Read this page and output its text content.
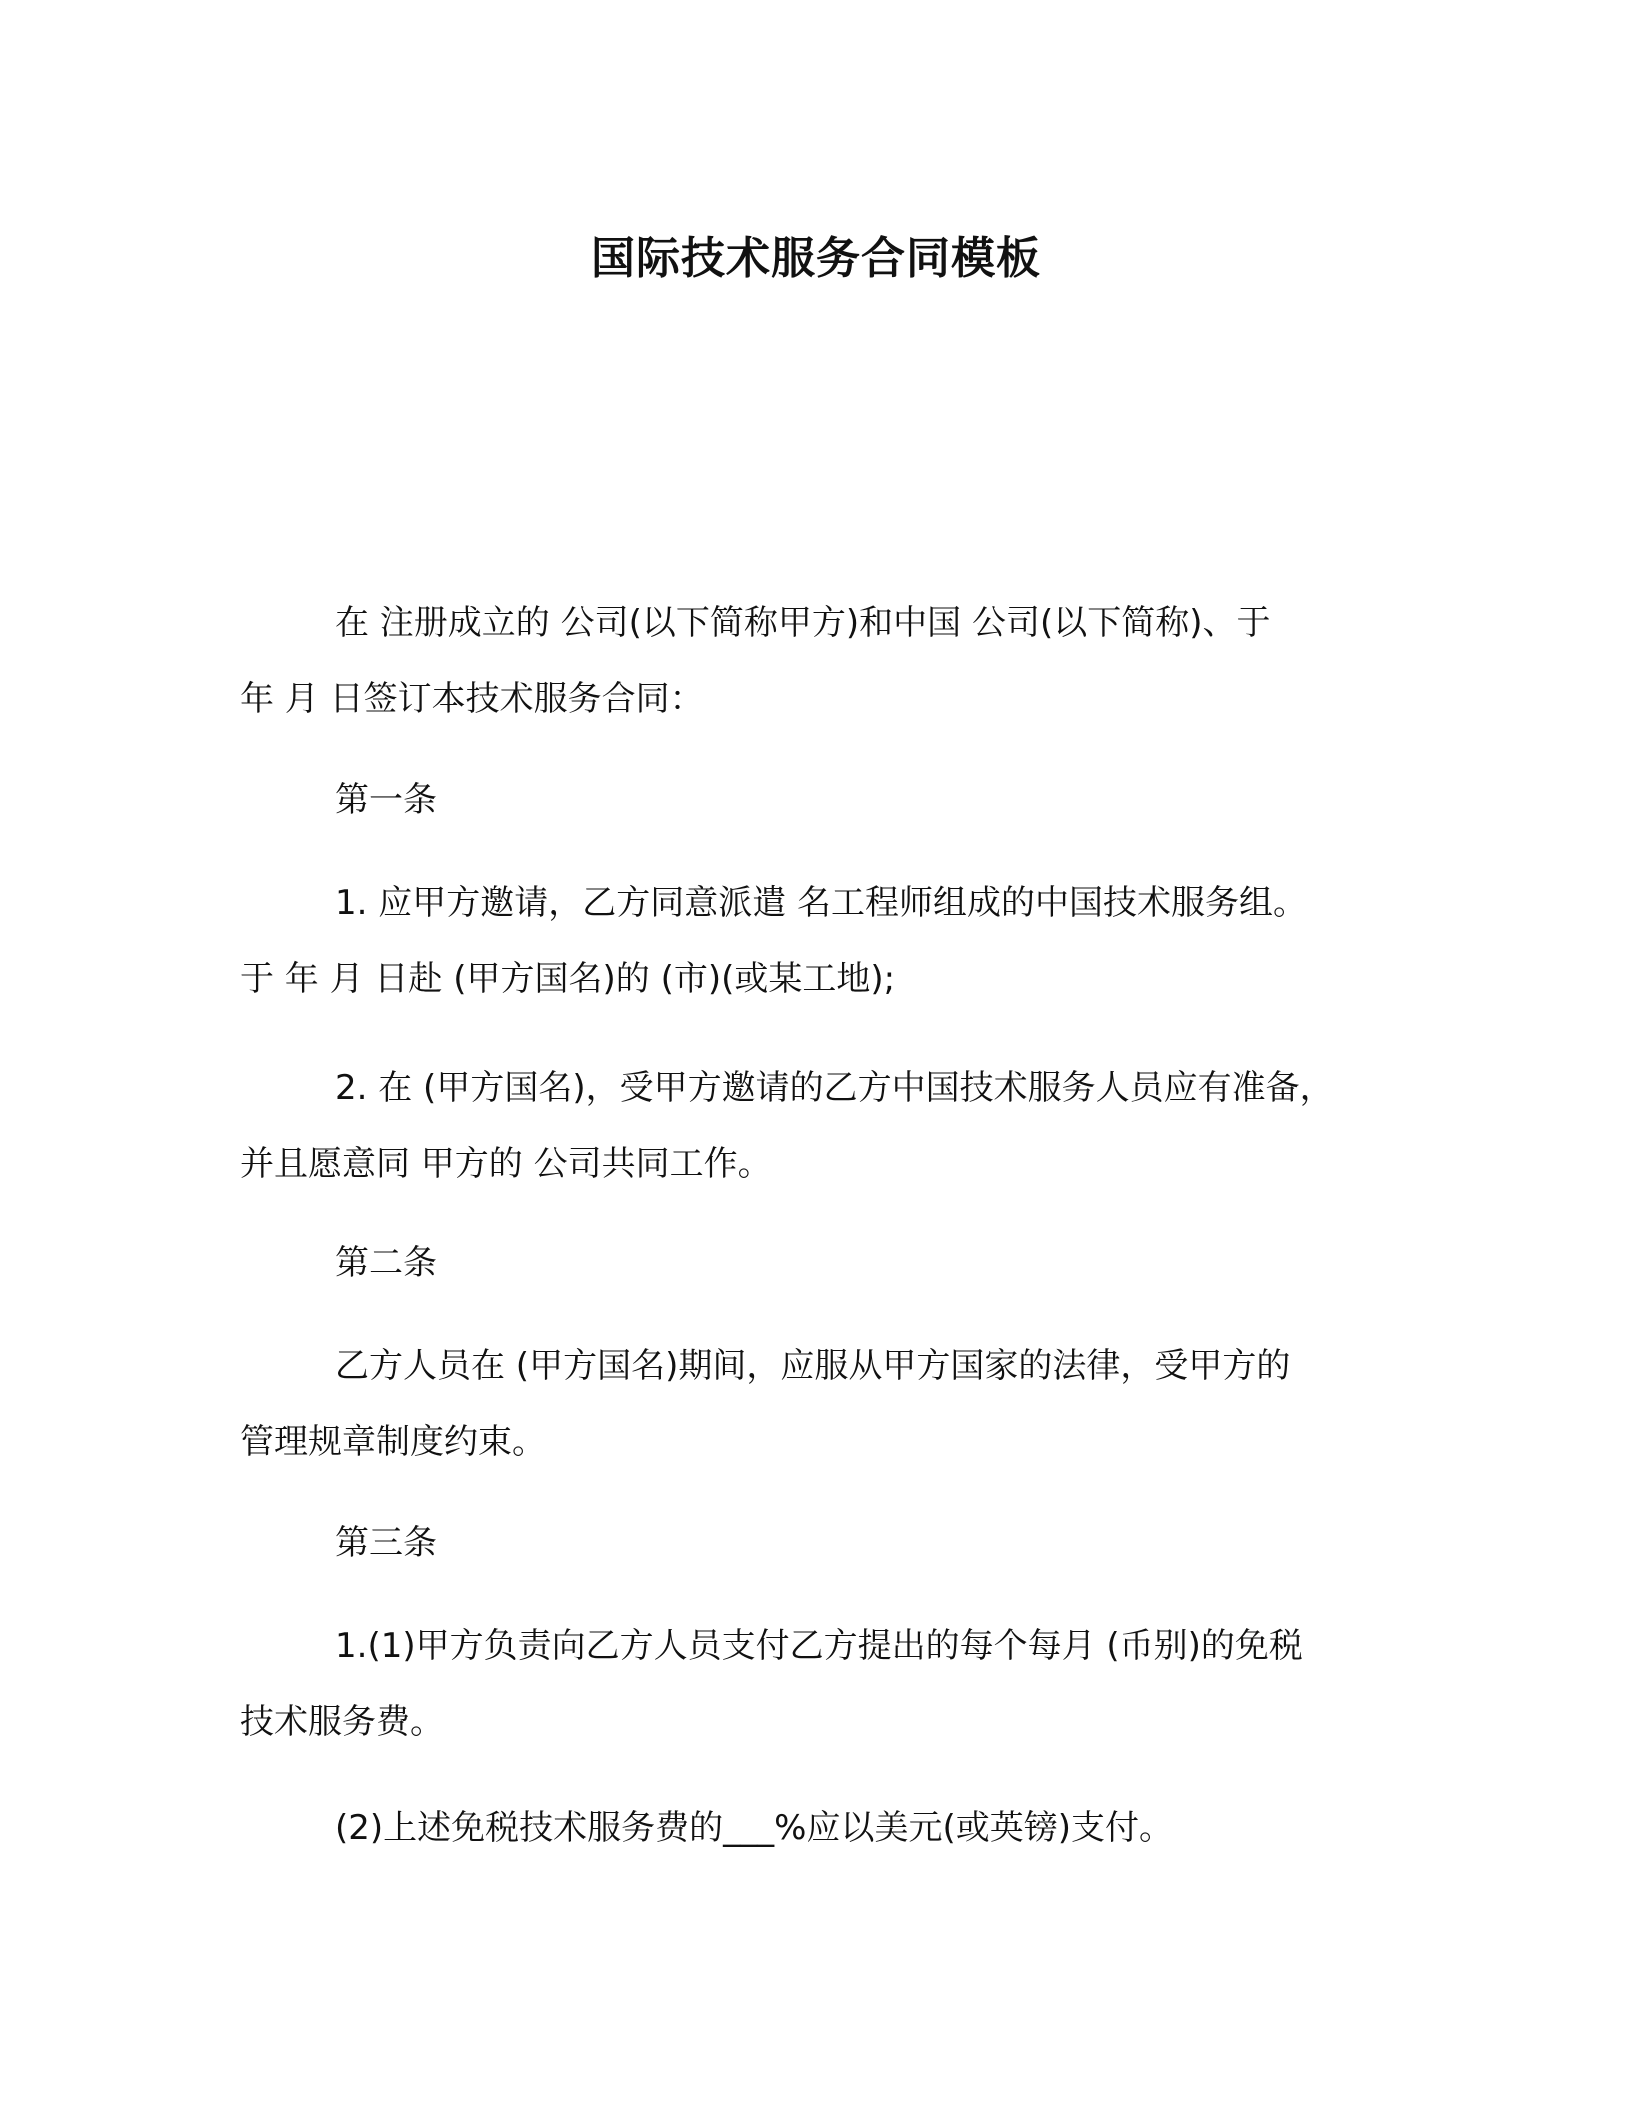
国际技术服务合同模板

在 注册成立的 公司(以下简称甲方)和中国 公司(以下简称)、于
年 月 日签订本技术服务合同：

第一条

1. 应甲方邀请，乙方同意派遣 名工程师组成的中国技术服务组。
于 年 月 日赴 (甲方国名)的 (市)(或某工地);

2. 在 (甲方国名)，受甲方邀请的乙方中国技术服务人员应有准备，
并且愿意同 甲方的 公司共同工作。

第二条

乙方人员在 (甲方国名)期间，应服从甲方国家的法律，受甲方的
管理规章制度约束。

第三条

1.(1)甲方负责向乙方人员支付乙方提出的每个每月 (币别)的免税
技术服务费。

(2)上述免税技术服务费的___%应以美元(或英镑)支付。
